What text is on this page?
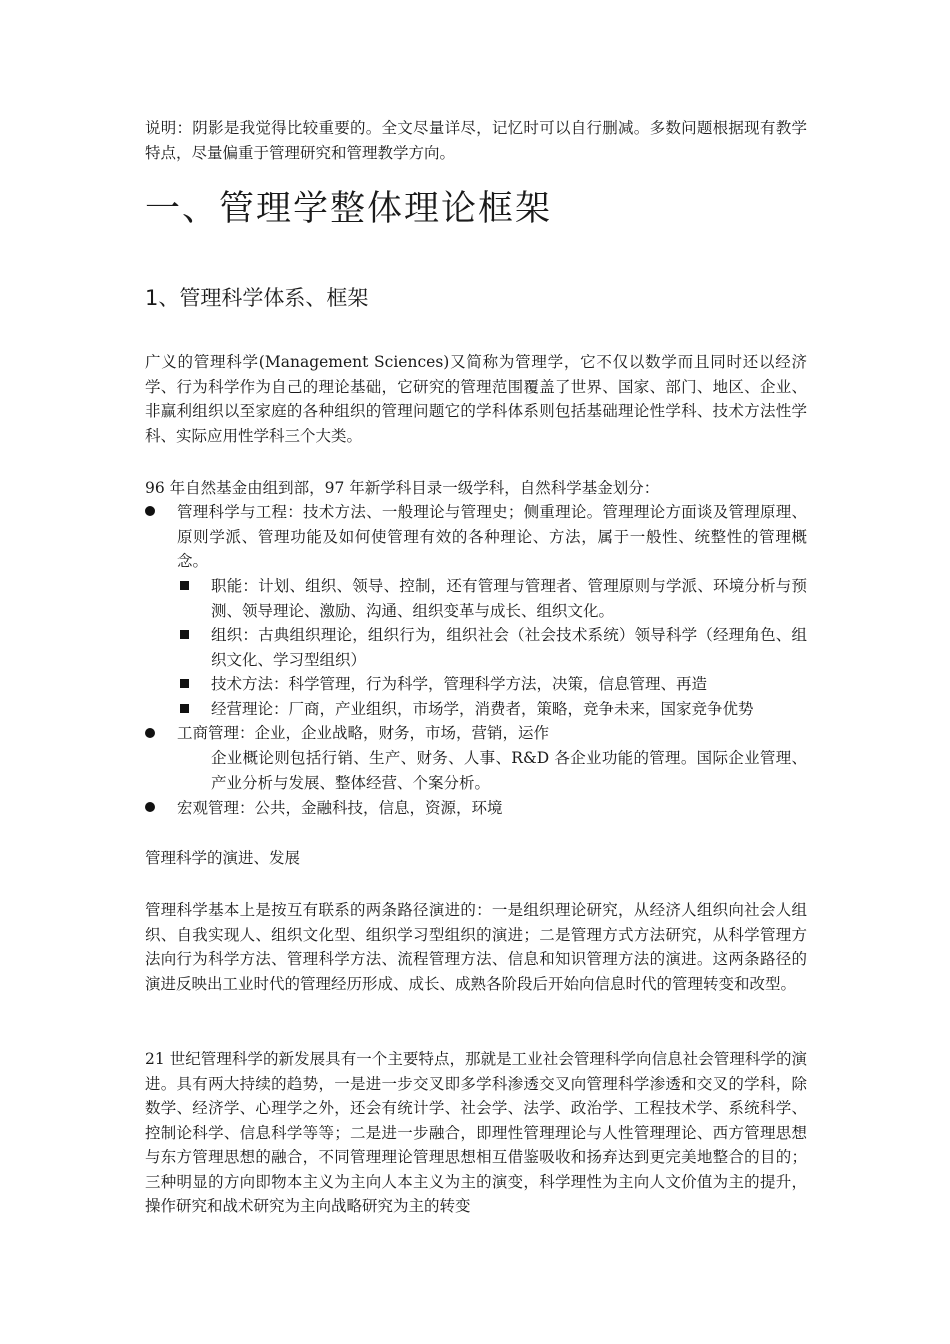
说明：阴影是我觉得比较重要的。全文尽量详尽，记忆时可以自行删减。多数问题根据现有教学特点，尽量偏重于管理研究和管理教学方向。

一、管理学整体理论框架
1、管理科学体系、框架

广义的管理科学(Management Sciences)又简称为管理学，它不仅以数学而且同时还以经济学、行为科学作为自己的理论基础，它研究的管理范围覆盖了世界、国家、部门、地区、企业、非赢利组织以至家庭的各种组织的管理问题它的学科体系则包括基础理论性学科、技术方法性学科、实际应用性学科三个大类。

96 年自然基金由组到部，97 年新学科目录一级学科，自然科学基金划分：

管理科学与工程：技术方法、一般理论与管理史；侧重理论。管理理论方面谈及管理原理、原则学派、管理功能及如何使管理有效的各种理论、方法，属于一般性、统整性的管理概念。

职能：计划、组织、领导、控制，还有管理与管理者、管理原则与学派、环境分析与预测、领导理论、激励、沟通、组织变革与成长、组织文化。

组织：古典组织理论，组织行为，组织社会（社会技术系统）领导科学（经理角色、组织文化、学习型组织）

技术方法：科学管理，行为科学，管理科学方法，决策，信息管理、再造

经营理论：厂商，产业组织，市场学，消费者，策略，竞争未来，国家竞争优势

工商管理：企业，企业战略，财务，市场，营销，运作

企业概论则包括行销、生产、财务、人事、R&D 各企业功能的管理。国际企业管理、产业分析与发展、整体经营、个案分析。

宏观管理：公共，金融科技，信息，资源，环境

管理科学的演进、发展

管理科学基本上是按互有联系的两条路径演进的：一是组织理论研究，从经济人组织向社会人组织、自我实现人、组织文化型、组织学习型组织的演进；二是管理方式方法研究，从科学管理方法向行为科学方法、管理科学方法、流程管理方法、信息和知识管理方法的演进。这两条路径的演进反映出工业时代的管理经历形成、成长、成熟各阶段后开始向信息时代的管理转变和改型。

21 世纪管理科学的新发展具有一个主要特点，那就是工业社会管理科学向信息社会管理科学的演进。具有两大持续的趋势，一是进一步交叉即多学科渗透交叉向管理科学渗透和交叉的学科，除数学、经济学、心理学之外，还会有统计学、社会学、法学、政治学、工程技术学、系统科学、控制论科学、信息科学等等；二是进一步融合，即理性管理理论与人性管理理论、西方管理思想与东方管理思想的融合，不同管理理论管理思想相互借鉴吸收和扬弃达到更完美地整合的目的；三种明显的方向即物本主义为主向人本主义为主的演变，科学理性为主向人文价值为主的提升，操作研究和战术研究为主向战略研究为主的转变
